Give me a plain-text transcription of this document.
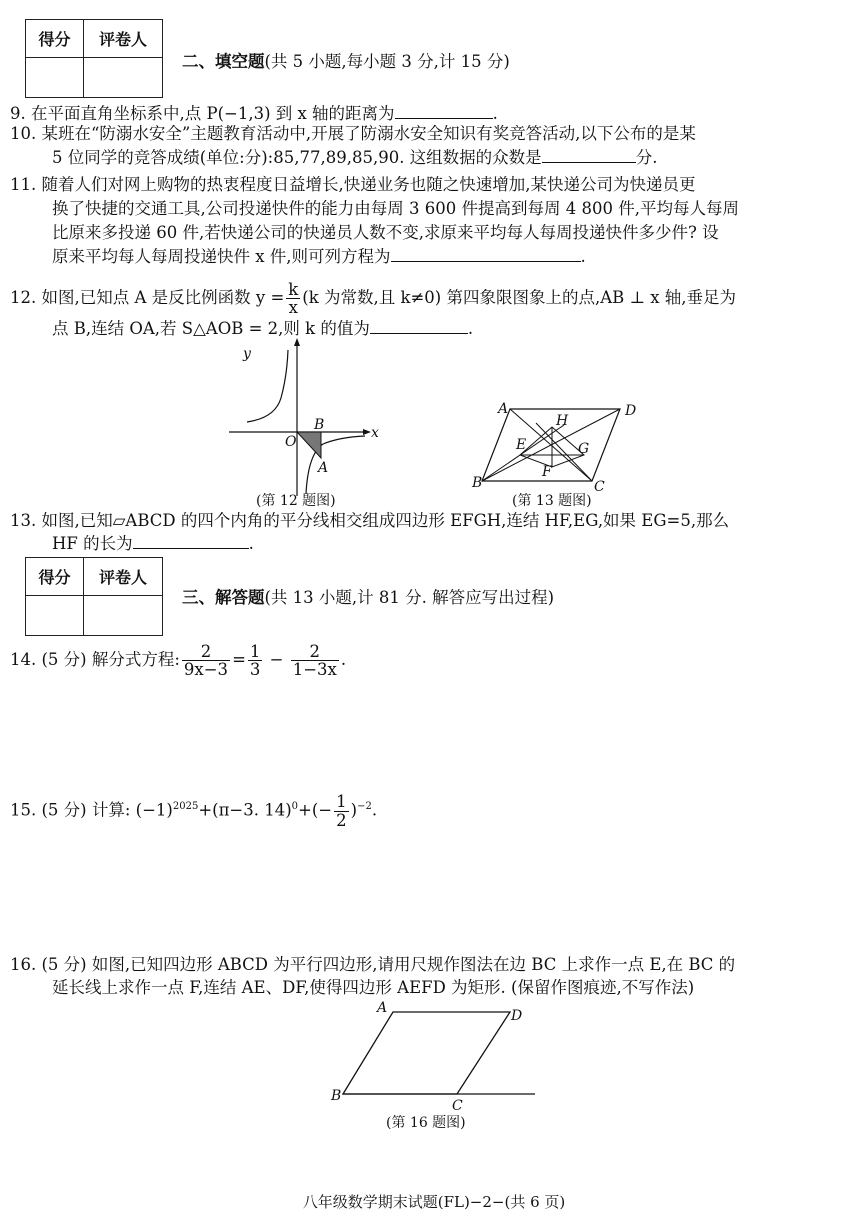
得分	评卷人

二、填空题(共 5 小题,每小题 3 分,计 15 分)
9. 在平面直角坐标系中,点 P(−1,3) 到 x 轴的距离为	.
10. 某班在“防溺水安全”主题教育活动中,开展了防溺水安全知识有奖竞答活动,以下公布的是某
5 位同学的竞答成绩(单位:分):85,77,89,85,90. 这组数据的众数是	分.
11. 随着人们对网上购物的热衷程度日益增长,快递业务也随之快速增加,某快递公司为快递员更
换了快捷的交通工具,公司投递快件的能力由每周 3 600 件提高到每周 4 800 件,平均每人每周
比原来多投递 60 件,若快递公司的快递员人数不变,求原来平均每人每周投递快件多少件? 设
原来平均每人每周投递快件 x 件,则可列方程为	.
12. 如图,已知点 A 是反比例函数 $y = \frac{k}{x} (k$ 为常数,且 k≠0) 第四象限图象上的点,AB ⊥ x 轴,垂足为
点 B,连结 OA,若 S△AOB = 2,则 k 的值为	.
y
x
O
B
A
(第 12 题图)
A	D
H
E	G
F
B	C
(第 13 题图)
13. 如图,已知▱ABCD 的四个内角的平分线相交组成四边形 EFGH,连结 HF,EG,如果 EG=5,那么
HF 的长为	.
得分	评卷人

三、解答题(共 13 小题,计 81 分. 解答应写出过程)
14. (5 分) 解分式方程: $\frac{2}{9x-3} = \frac{1}{3} - \frac{2}{1-3x}$ .
15. (5 分) 计算: $(-1)^{2025}+(\pi-3$. $14)^0+(- \frac{1}{2} )^{-2}$.
16. (5 分) 如图,已知四边形 ABCD 为平行四边形,请用尺规作图法在边 BC 上求作一点 E,在 BC 的
延长线上求作一点 F,连结 AE、DF,使得四边形 AEFD 为矩形. (保留作图痕迹,不写作法)
A	D
B
C
(第 16 题图)
八年级数学期末试题(FL)−2−(共 6 页)
